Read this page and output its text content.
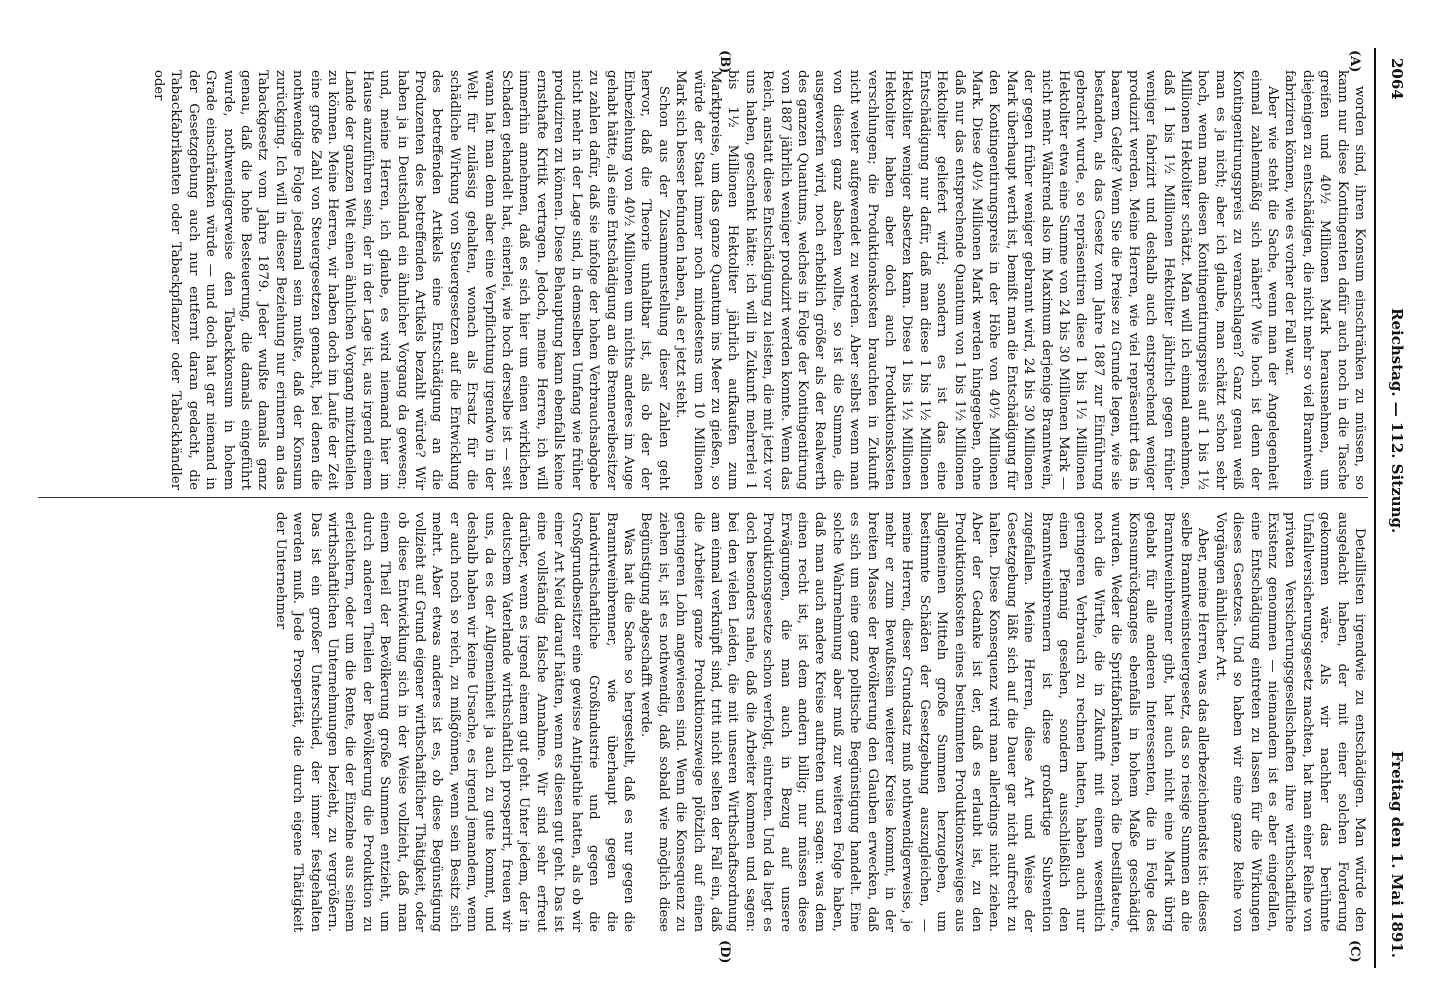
2064
Reichstag. — 112. Sitzung.
Freitag den 1. Mai 1891.
(A)
(B)
(C)
(D)

worden sind, ihren Konsum einschränken zu müssen, so kann nur diese Kontingenten dafür auch noch in die Tasche greifen und 40½ Millionen Mark herausnehmen, um diejenigen zu entschädigen, die nicht mehr so viel Branntwein fabriziren können, wie es vorher der Fall war.

Aber wie steht die Sache, wenn man der Angelegenheit einmal zahlenmäßig sich nähert? Wie hoch ist denn der Kontingentirungspreis zu veranschlagen? Ganz genau weiß man es ja nicht; aber ich glaube, man schätzt schon sehr hoch, wenn man diesen Kontingentirungspreis auf 1 bis 1½ Millionen Hektoliter schätzt. Man will ich einmal annehmen, daß 1 bis 1½ Millionen Hektoliter jährlich gegen früher weniger fabrizirt und deshalb auch entsprechend weniger produzirt werden. Meine Herren, wie viel repräsentirt das in baarem Gelde? Wenn Sie die Preise zu Grunde legen, wie sie bestanden, als das Gesetz vom Jahre 1887 zur Einführung gebracht wurde, so repräsentiren diese 1 bis 1½ Millionen Hektoliter etwa eine Summe von 24 bis 30 Millionen Mark — nicht mehr. Während also im Maximum derjenige Branntwein, der gegen früher weniger gebrannt wird, 24 bis 30 Millionen Mark überhaupt werth ist, bemißt man die Entschädigung für den Kontingentirungspreis in der Höhe von 40½ Millionen Mark. Diese 40½ Millionen Mark werden hingegeben, ohne daß nur das entsprechende Quantum von 1 bis 1½ Millionen Hektoliter geliefert wird; sondern es ist das eine Entschädigung nur dafür, daß man diese 1 bis 1½ Millionen Hektoliter weniger absetzen kann. Diese 1 bis 1½ Millionen Hektoliter haben aber doch auch Produktionskosten verschlungen; die Produktionskosten brauchten in Zukunft nicht weiter aufgewendet zu werden. Aber selbst wenn man von diesen ganz absehen wollte, so ist die Summe, die ausgeworfen wird, noch erheblich größer als der Realwerth des ganzen Quantums, welches in Folge der Kontingentirung von 1887 jährlich weniger produzirt werden konnte. Wenn das Reich, anstatt diese Entschädigung zu leisten, die mit jetzt vor uns haben, geschenkt hätte: ich will in Zukunft mehrerlei 1 bis 1½ Millionen Hektoliter jährlich aufkaufen zum Marktpreise, um das ganze Quantum ins Meer zu gießen, so würde der Staat immer noch mindestens um 10 Millionen Mark sich besser befunden haben, als er jetzt steht.

Schon aus der Zusammenstellung dieser Zahlen geht hervor, daß die Theorie unhaltbar ist, als ob der der Einbeziehung von 40½ Millionen um nichts anderes im Auge gehabt hätte, als eine Entschädigung an die Brennereibesitzer zu zahlen dafür, daß sie infolge der hohen Verbrauchsabgabe nicht mehr in der Lage sind, in demselben Umfang wie früher produziren zu können. Diese Behauptung kann ebenfalls keine ernsthafte Kritik vertragen. Jedoch, meine Herren, ich will immerhin annehmen, daß es sich hier um einen wirklichen Schaden gehandelt hat, einerlei, wie hoch derselbe ist — seit wann hat man denn aber eine Verpflichtung irgendwo in der Welt für zulässig gehalten, wonach als Ersatz für die schädliche Wirkung von Steuergesetzen auf die Entwicklung des betreffenden Artikels eine Entschädigung an die Produzenten des betreffenden Artikels bezahlt würde? Wir haben ja in Deutschland ein ähnlicher Vorgang da gewesen; und, meine Herren, ich glaube, es wird niemand hier im Hause anzuführen sein, der in der Lage ist, aus irgend einem Lande der ganzen Welt einen ähnlichen Vorgang mitzutheilen zu können. Meine Herren, wir haben doch im Laufe der Zeit eine große Zahl von Steuergesetzen gemacht, bei denen die nothwendige Folge jedesmal sein mußte, daß der Konsum zurückging. Ich will in dieser Beziehung nur erinnern an das Tabackgesetz vom Jahre 1879. Jeder wußte damals ganz genau, daß die hohe Besteuerung, die damals eingeführt wurde, nothwendigerweise den Tabackkonsum in hohem Grade einschränken würde — und doch hat gar niemand in der Gesetzgebung auch nur entfernt daran gedacht, die Tabackfabrikanten oder Tabackpflanzer oder Tabackhändler oder

Detaillisten irgendwie zu entschädigen. Man würde den ausgelacht haben, der mit einer solchen Forderung gekommen wäre. Als wir nachher das berühmte Unfallversicherungsgesetz machten, hat man einer Reihe von privaten Versicherungsgesellschaften ihre wirthschaftliche Existenz genommen — niemandem ist es aber eingefallen, eine Entschädigung eintreten zu lassen für die Wirkungen dieses Gesetzes. Und so haben wir eine ganze Reihe von Vorgängen ähnlicher Art.

Aber, meine Herren, was das allerbezeichnendste ist: dieses selbe Branntweinsteuergesetz, das so riesige Summen an die Branntweinbrenner gibt, hat auch nicht eine Mark übrig gehabt für alle anderen Interessenten, die in Folge des Konsumrückganges ebenfalls in hohem Maße geschädigt wurden. Weder die Spritfabrikanten, noch die Destillateure, noch die Wirthe, die in Zukunft mit einem wesentlich geringeren Verbrauch zu rechnen hatten, haben auch nur einen Pfennig gesehen, sondern ausschließlich den Branntweinbrennern ist diese großartige Subvention zugefallen. Meine Herren, diese Art und Weise der Gesetzgebung läßt sich auf die Dauer gar nicht aufrecht zu halten. Diese Konsequenz wird man allerdings nicht ziehen. Aber der Gedanke ist der, daß es erlaubt ist, zu den Produktionskosten eines bestimmten Produktionszweiges aus allgemeinen Mitteln große Summen herzugeben, um bestimmte Schäden der Gesetzgebung auszugleichen, — meine Herren, dieser Grundsatz muß nothwendigerweise, je mehr er zum Bewußtsein weiterer Kreise kommt, in der breiten Masse der Bevölkerung den Glauben erwecken, daß es sich um eine ganz politische Begünstigung handelt. Eine solche Wahrnehmung aber muß zur weiteren Folge haben, daß man auch andere Kreise auftreten und sagen: was dem einen recht ist, ist dem andern billig; nur müssen diese Erwägungen, die man auch in Bezug auf unsere Produktionsgesetze schon verfolgt, eintreten. Und da liegt es doch besonders nahe, daß die Arbeiter kommen und sagen: bei den vielen Leiden, die mit unseren Wirthschaftsordnung am einmal verknüpft sind, tritt nicht selten der Fall ein, daß die Arbeiter ganze Produktionszweige plötzlich auf einen geringeren Lohn angewiesen sind. Wenn die Konsequenz zu ziehen ist, ist es nothwendig, daß sobald wie möglich diese Begünstigung abgeschafft werde.

Was hat die Sache so hergestellt, daß es nur gegen die Branntweinbrenner, wie überhaupt gegen die landwirthschaftliche Großindustrie und gegen die Großgrundbesitzer eine gewisse Antipathie hatten, als ob wir einer Art Neid darauf hätten, wenn es diesen gut geht. Das ist eine vollständig falsche Annahme. Wir sind sehr erfreut darüber, wenn es irgend einem gut geht. Unter jedem, der in deutschem Vaterlande wirthschaftlich prosperirt, freuen wir uns, da es der Allgemeinheit ja auch zu gute kommt, und deshalb haben wir keine Ursache, es irgend jemandem, wenn er auch noch so reich, zu mißgönnen, wenn sein Besitz sich mehrt. Aber etwas anderes ist es, ob diese Begünstigung vollzieht auf Grund eigener wirthschaftlicher Thätigkeit, oder ob diese Entwicklung sich in der Weise vollzieht, daß man einem Theil der Bevölkerung große Summen entzieht, um durch anderen Theilen der Bevölkerung die Produktion zu erleichtern, oder um die Rente, die der Einzelne aus seinem wirthschaftlichen Unternehmungen bezieht, zu vergrößern. Das ist ein großer Unterschied, der immer festgehalten werden muß. Jede Prosperität, die durch eigene Thätigkeit der Unternehmer
